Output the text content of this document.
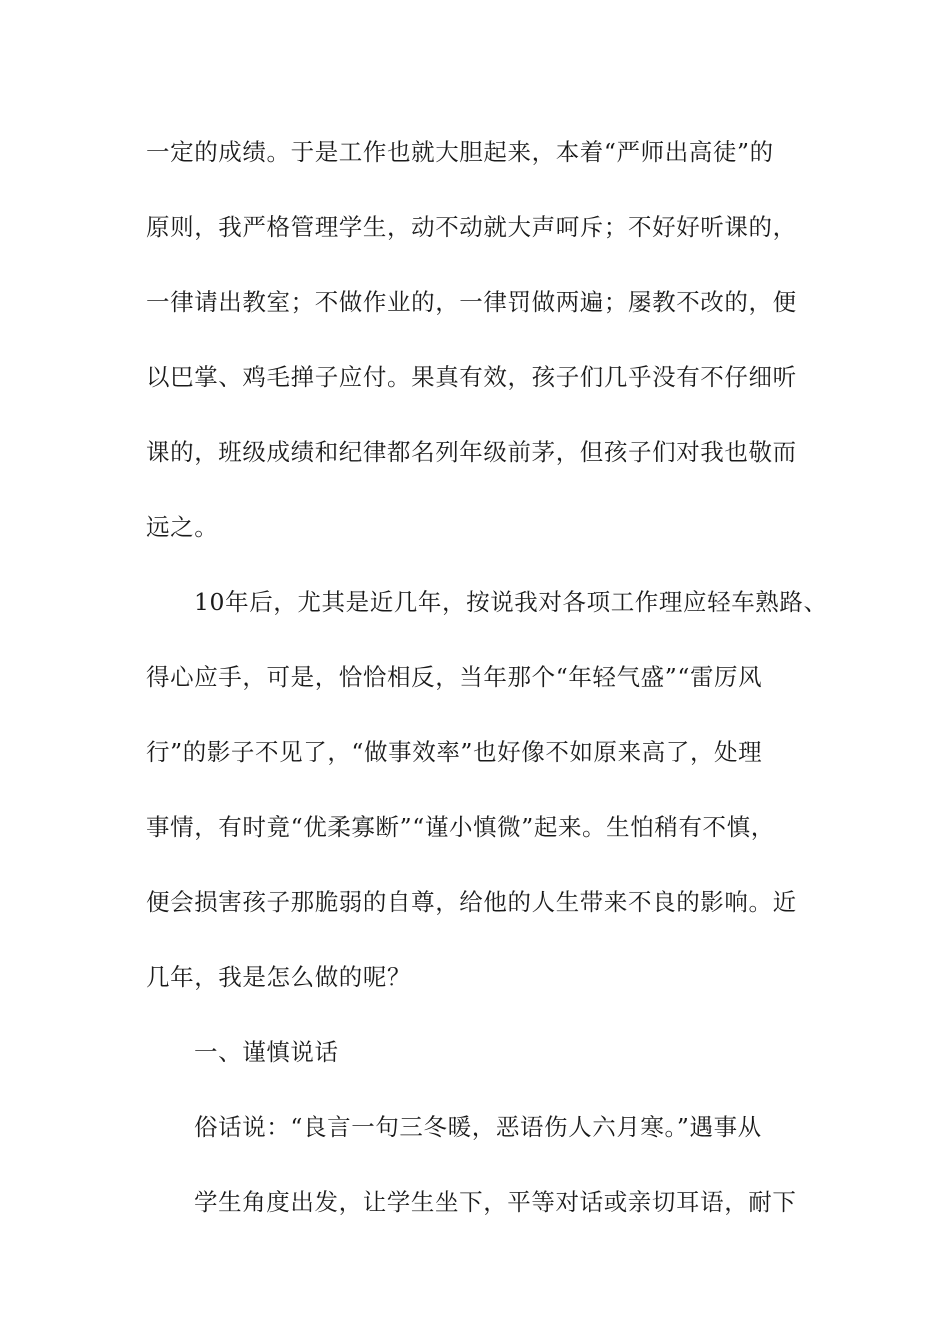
一定的成绩。于是工作也就大胆起来，本着“严师出高徒”的
原则，我严格管理学生，动不动就大声呵斥；不好好听课的，
一律请出教室；不做作业的，一律罚做两遍；屡教不改的，便
以巴掌、鸡毛掸子应付。果真有效，孩子们几乎没有不仔细听
课的，班级成绩和纪律都名列年级前茅，但孩子们对我也敬而
远之。
10年后，尤其是近几年，按说我对各项工作理应轻车熟路、
得心应手，可是，恰恰相反，当年那个“年轻气盛”“雷厉风
行”的影子不见了，“做事效率”也好像不如原来高了，处理
事情，有时竟“优柔寡断”“谨小慎微”起来。生怕稍有不慎，
便会损害孩子那脆弱的自尊，给他的人生带来不良的影响。近
几年，我是怎么做的呢？
一、谨慎说话
俗话说：“良言一句三冬暖，恶语伤人六月寒。”遇事从
学生角度出发，让学生坐下，平等对话或亲切耳语，耐下
